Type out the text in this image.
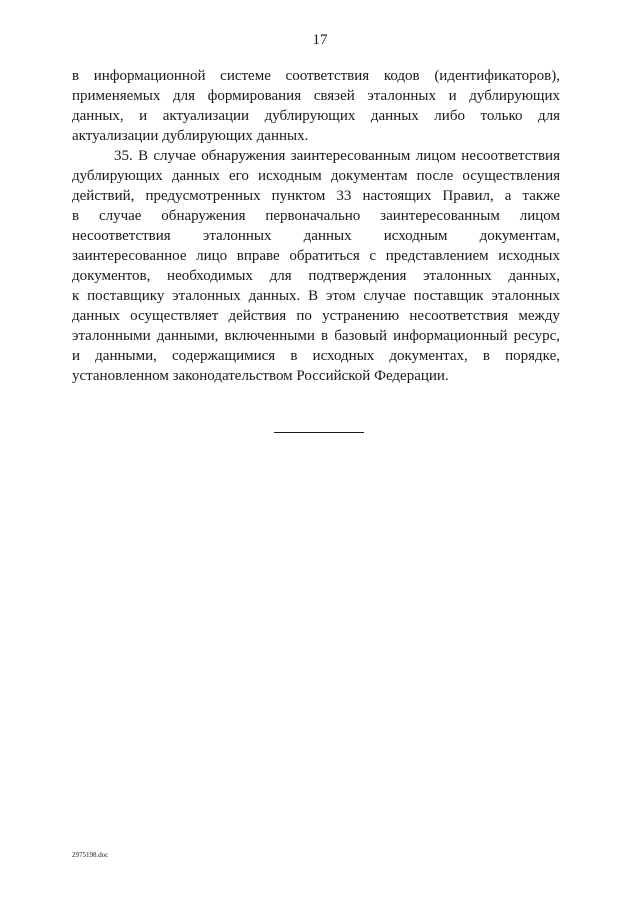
17
в информационной системе соответствия кодов (идентификаторов),
применяемых для формирования связей эталонных и дублирующих
данных, и актуализации дублирующих данных либо только для
актуализации дублирующих данных.
35. В случае обнаружения заинтересованным лицом несоответствия
дублирующих данных его исходным документам после осуществления
действий, предусмотренных пунктом 33 настоящих Правил, а также
в случае обнаружения первоначально заинтересованным лицом
несоответствия эталонных данных исходным документам,
заинтересованное лицо вправе обратиться с представлением исходных
документов, необходимых для подтверждения эталонных данных,
к поставщику эталонных данных. В этом случае поставщик эталонных
данных осуществляет действия по устранению несоответствия между
эталонными данными, включенными в базовый информационный ресурс,
и данными, содержащимися в исходных документах, в порядке,
установленном законодательством Российской Федерации.
2975198.doc
